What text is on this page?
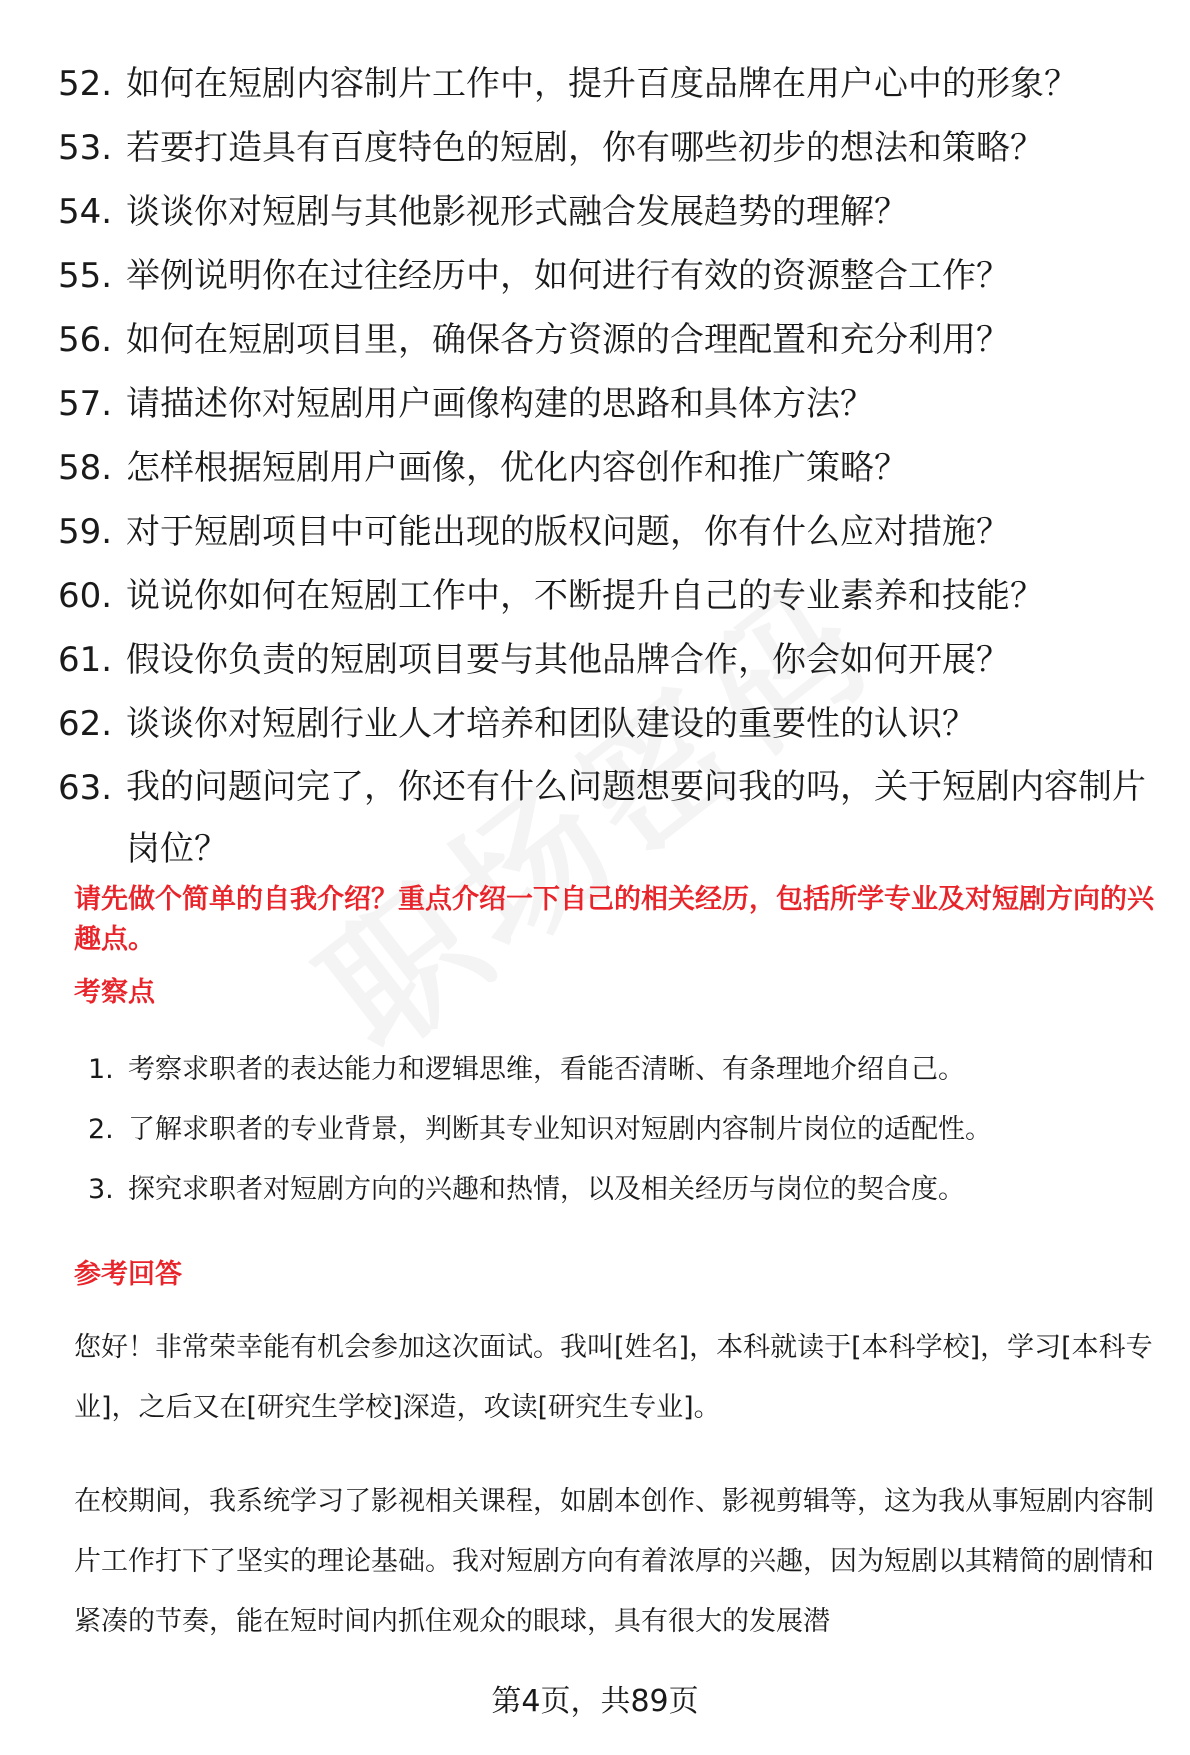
52. 如何在短剧内容制片工作中，提升百度品牌在用户心中的形象？
53. 若要打造具有百度特色的短剧，你有哪些初步的想法和策略？
54. 谈谈你对短剧与其他影视形式融合发展趋势的理解？
55. 举例说明你在过往经历中，如何进行有效的资源整合工作？
56. 如何在短剧项目里，确保各方资源的合理配置和充分利用？
57. 请描述你对短剧用户画像构建的思路和具体方法？
58. 怎样根据短剧用户画像，优化内容创作和推广策略？
59. 对于短剧项目中可能出现的版权问题，你有什么应对措施？
60. 说说你如何在短剧工作中，不断提升自己的专业素养和技能？
61. 假设你负责的短剧项目要与其他品牌合作，你会如何开展？
62. 谈谈你对短剧行业人才培养和团队建设的重要性的认识？
63. 我的问题问完了，你还有什么问题想要问我的吗，关于短剧内容制片岗位？
请先做个简单的自我介绍？重点介绍一下自己的相关经历，包括所学专业及对短剧方向的兴趣点。
考察点
1. 考察求职者的表达能力和逻辑思维，看能否清晰、有条理地介绍自己。
2. 了解求职者的专业背景，判断其专业知识对短剧内容制片岗位的适配性。
3. 探究求职者对短剧方向的兴趣和热情，以及相关经历与岗位的契合度。
参考回答
您好！非常荣幸能有机会参加这次面试。我叫[姓名]，本科就读于[本科学校]，学习[本科专业]，之后又在[研究生学校]深造，攻读[研究生专业]。
在校期间，我系统学习了影视相关课程，如剧本创作、影视剪辑等，这为我从事短剧内容制片工作打下了坚实的理论基础。我对短剧方向有着浓厚的兴趣，因为短剧以其精简的剧情和紧凑的节奏，能在短时间内抓住观众的眼球，具有很大的发展潜
第4页，共89页
